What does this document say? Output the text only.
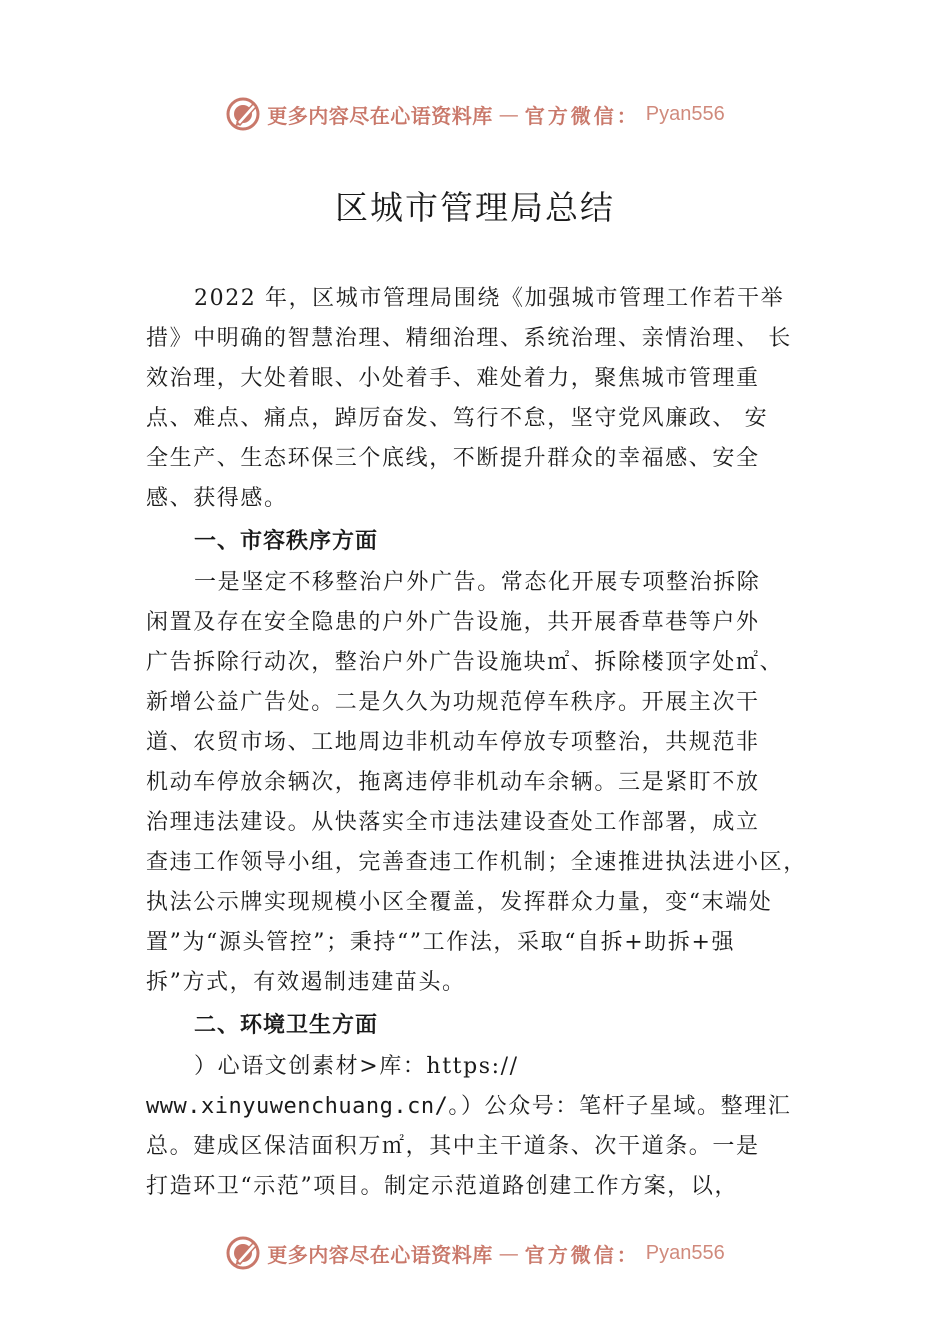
更多内容尽在心语资料库 — 官方微信： Pyan556
区城市管理局总结
2022 年，区城市管理局围绕《加强城市管理工作若干举
措》中明确的智慧治理、精细治理、系统治理、亲情治理、 长
效治理，大处着眼、小处着手、难处着力，聚焦城市管理重
点、难点、痛点，踔厉奋发、笃行不怠，坚守党风廉政、 安
全生产、生态环保三个底线，不断提升群众的幸福感、安全
感、获得感。
一、市容秩序方面
一是坚定不移整治户外广告。常态化开展专项整治拆除
闲置及存在安全隐患的户外广告设施，共开展香草巷等户外
广告拆除行动次，整治户外广告设施块㎡、拆除楼顶字处㎡、
新增公益广告处。二是久久为功规范停车秩序。开展主次干
道、农贸市场、工地周边非机动车停放专项整治，共规范非
机动车停放余辆次，拖离违停非机动车余辆。三是紧盯不放
治理违法建设。从快落实全市违法建设查处工作部署，成立
查违工作领导小组，完善查违工作机制；全速推进执法进小区，
执法公示牌实现规模小区全覆盖，发挥群众力量，变“末端处
置”为“源头管控”；秉持“”工作法，采取“自拆+助拆+强
拆”方式，有效遏制违建苗头。
二、环境卫生方面
）心语文创素材>库：https://
www.xinyuwenchuang.cn/。）公众号：笔杆子星域。整理汇
总。建成区保洁面积万㎡，其中主干道条、次干道条。一是
打造环卫“示范”项目。制定示范道路创建工作方案，以，
更多内容尽在心语资料库 — 官方微信： Pyan556
